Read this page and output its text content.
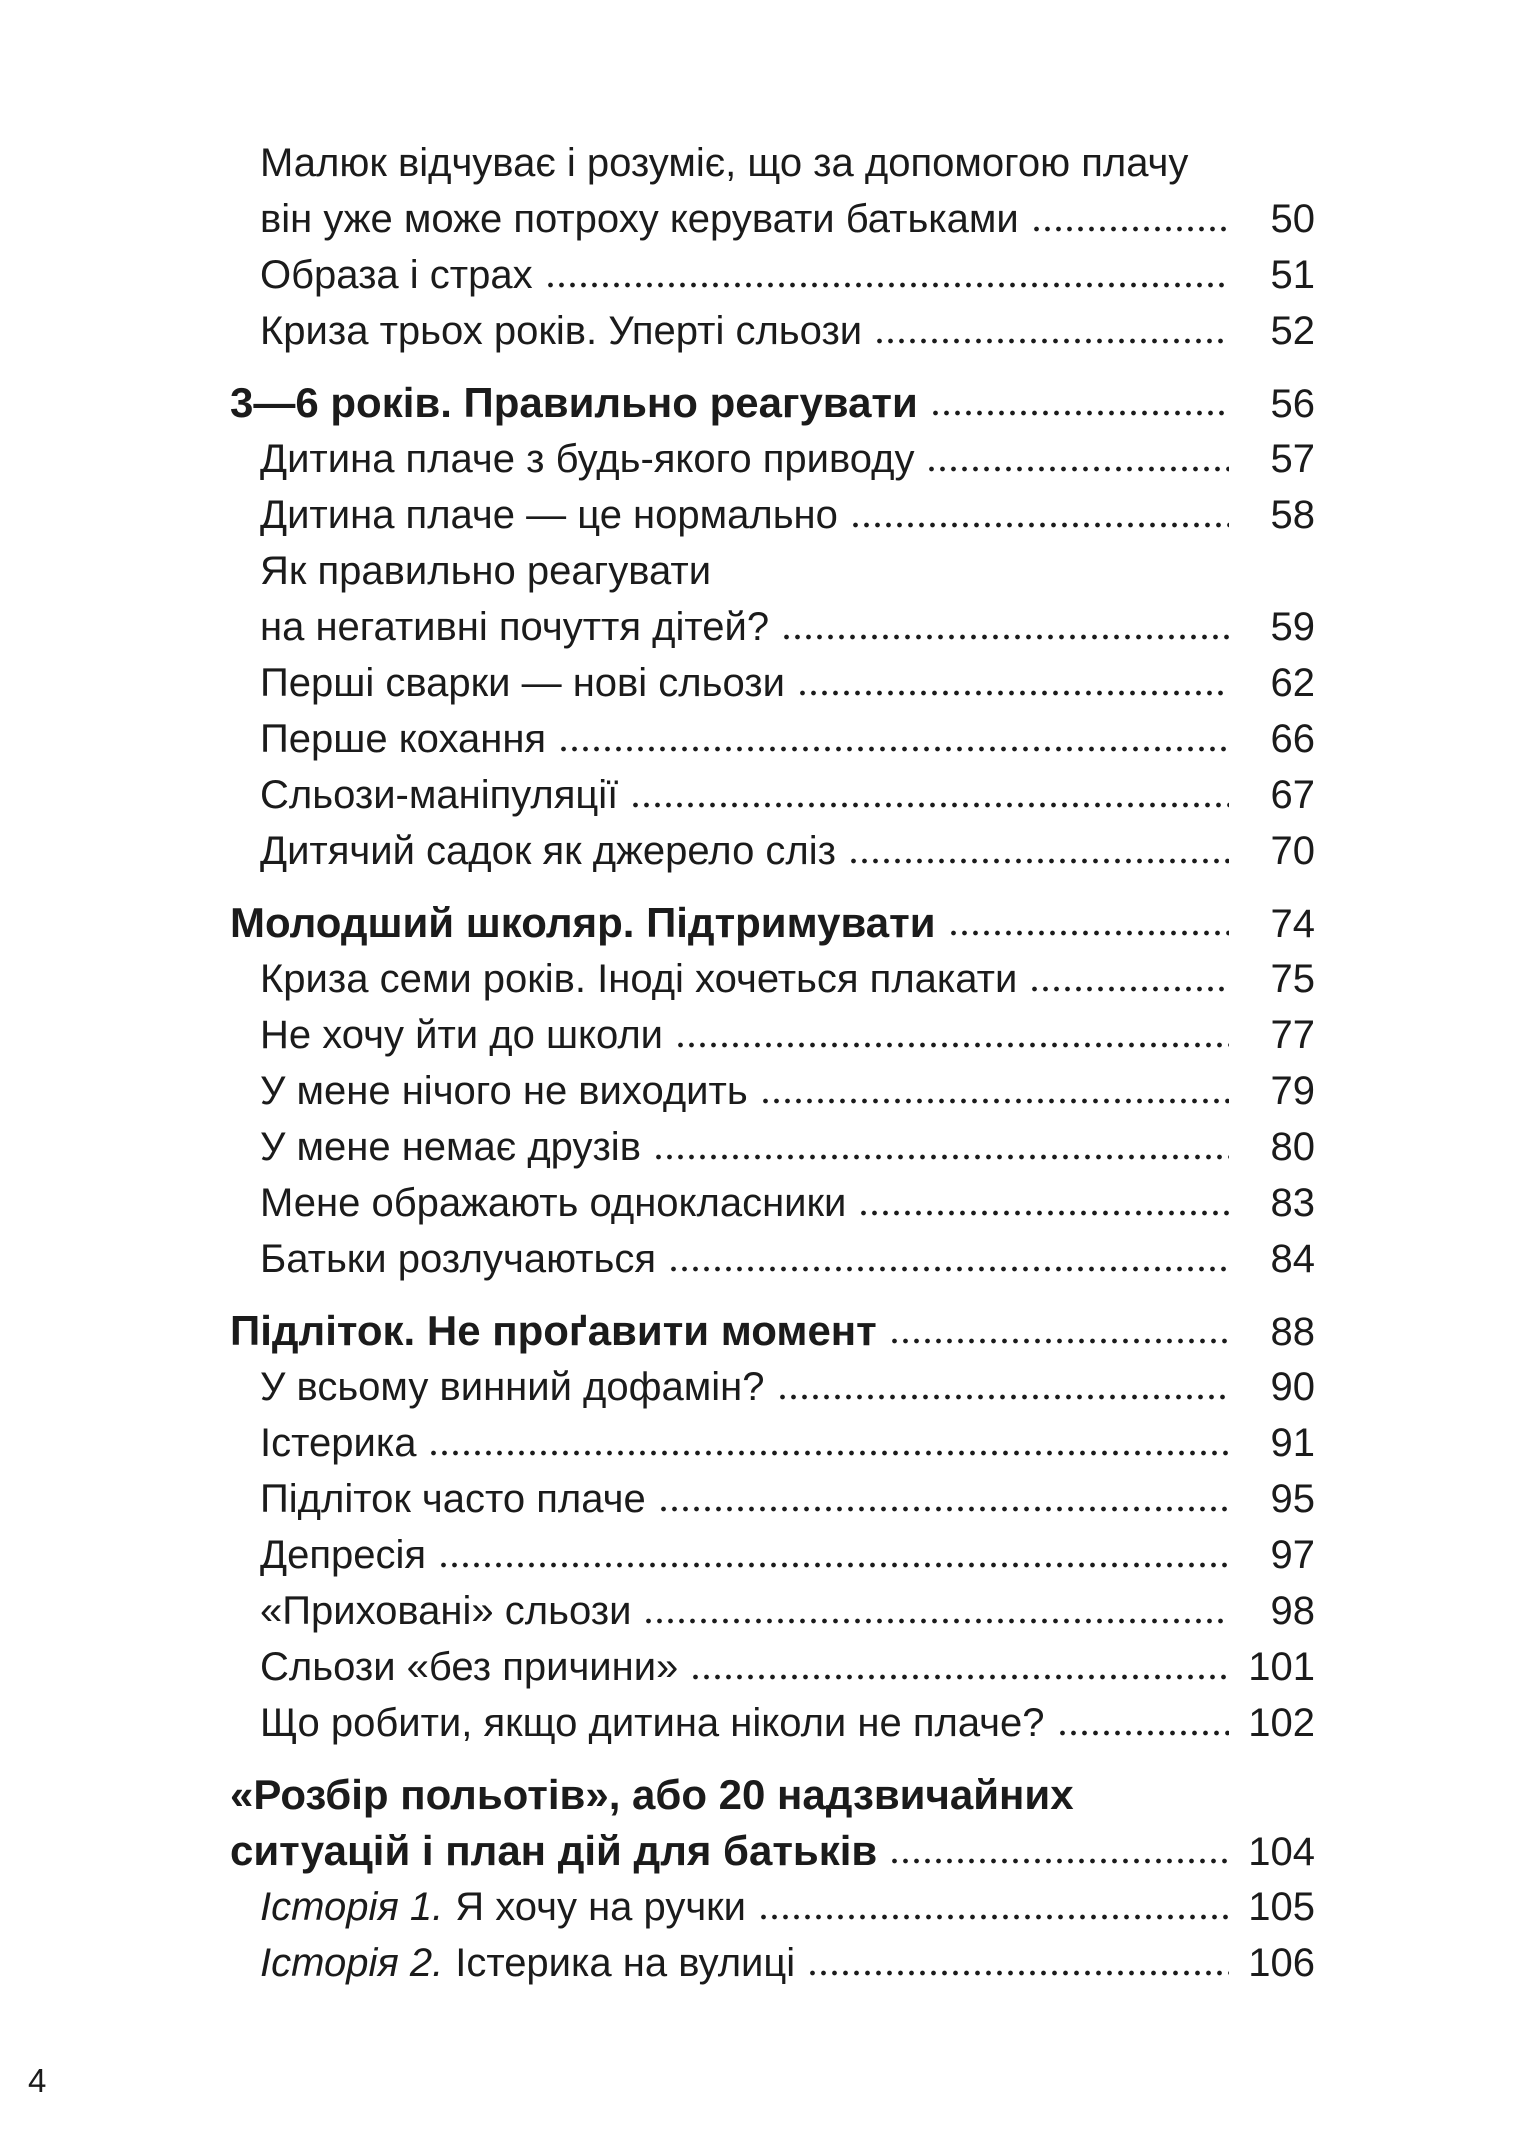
Малюк відчуває і розуміє, що за допомогою плачу
він уже може потроху керувати батьками	50
Образа і страх	51
Криза трьох років. Уперті сльози	52
3—6 років. Правильно реагувати	56
Дитина плаче з будь-якого приводу	57
Дитина плаче — це нормально	58
Як правильно реагувати
на негативні почуття дітей?	59
Перші сварки — нові сльози	62
Перше кохання	66
Сльози-маніпуляції	67
Дитячий садок як джерело сліз	70
Молодший школяр. Підтримувати	74
Криза семи років. Іноді хочеться плакати	75
Не хочу йти до школи	77
У мене нічого не виходить	79
У мене немає друзів	80
Мене ображають однокласники	83
Батьки розлучаються	84
Підліток. Не проґавити момент	88
У всьому винний дофамін?	90
Істерика	91
Підліток часто плаче	95
Депресія	97
«Приховані» сльози	98
Сльози «без причини»	101
Що робити, якщо дитина ніколи не плаче?	102
«Розбір польотів», або 20 надзвичайних
ситуацій і план дій для батьків	104
Історія 1. Я хочу на ручки	105
Історія 2. Істерика на вулиці	106
4
